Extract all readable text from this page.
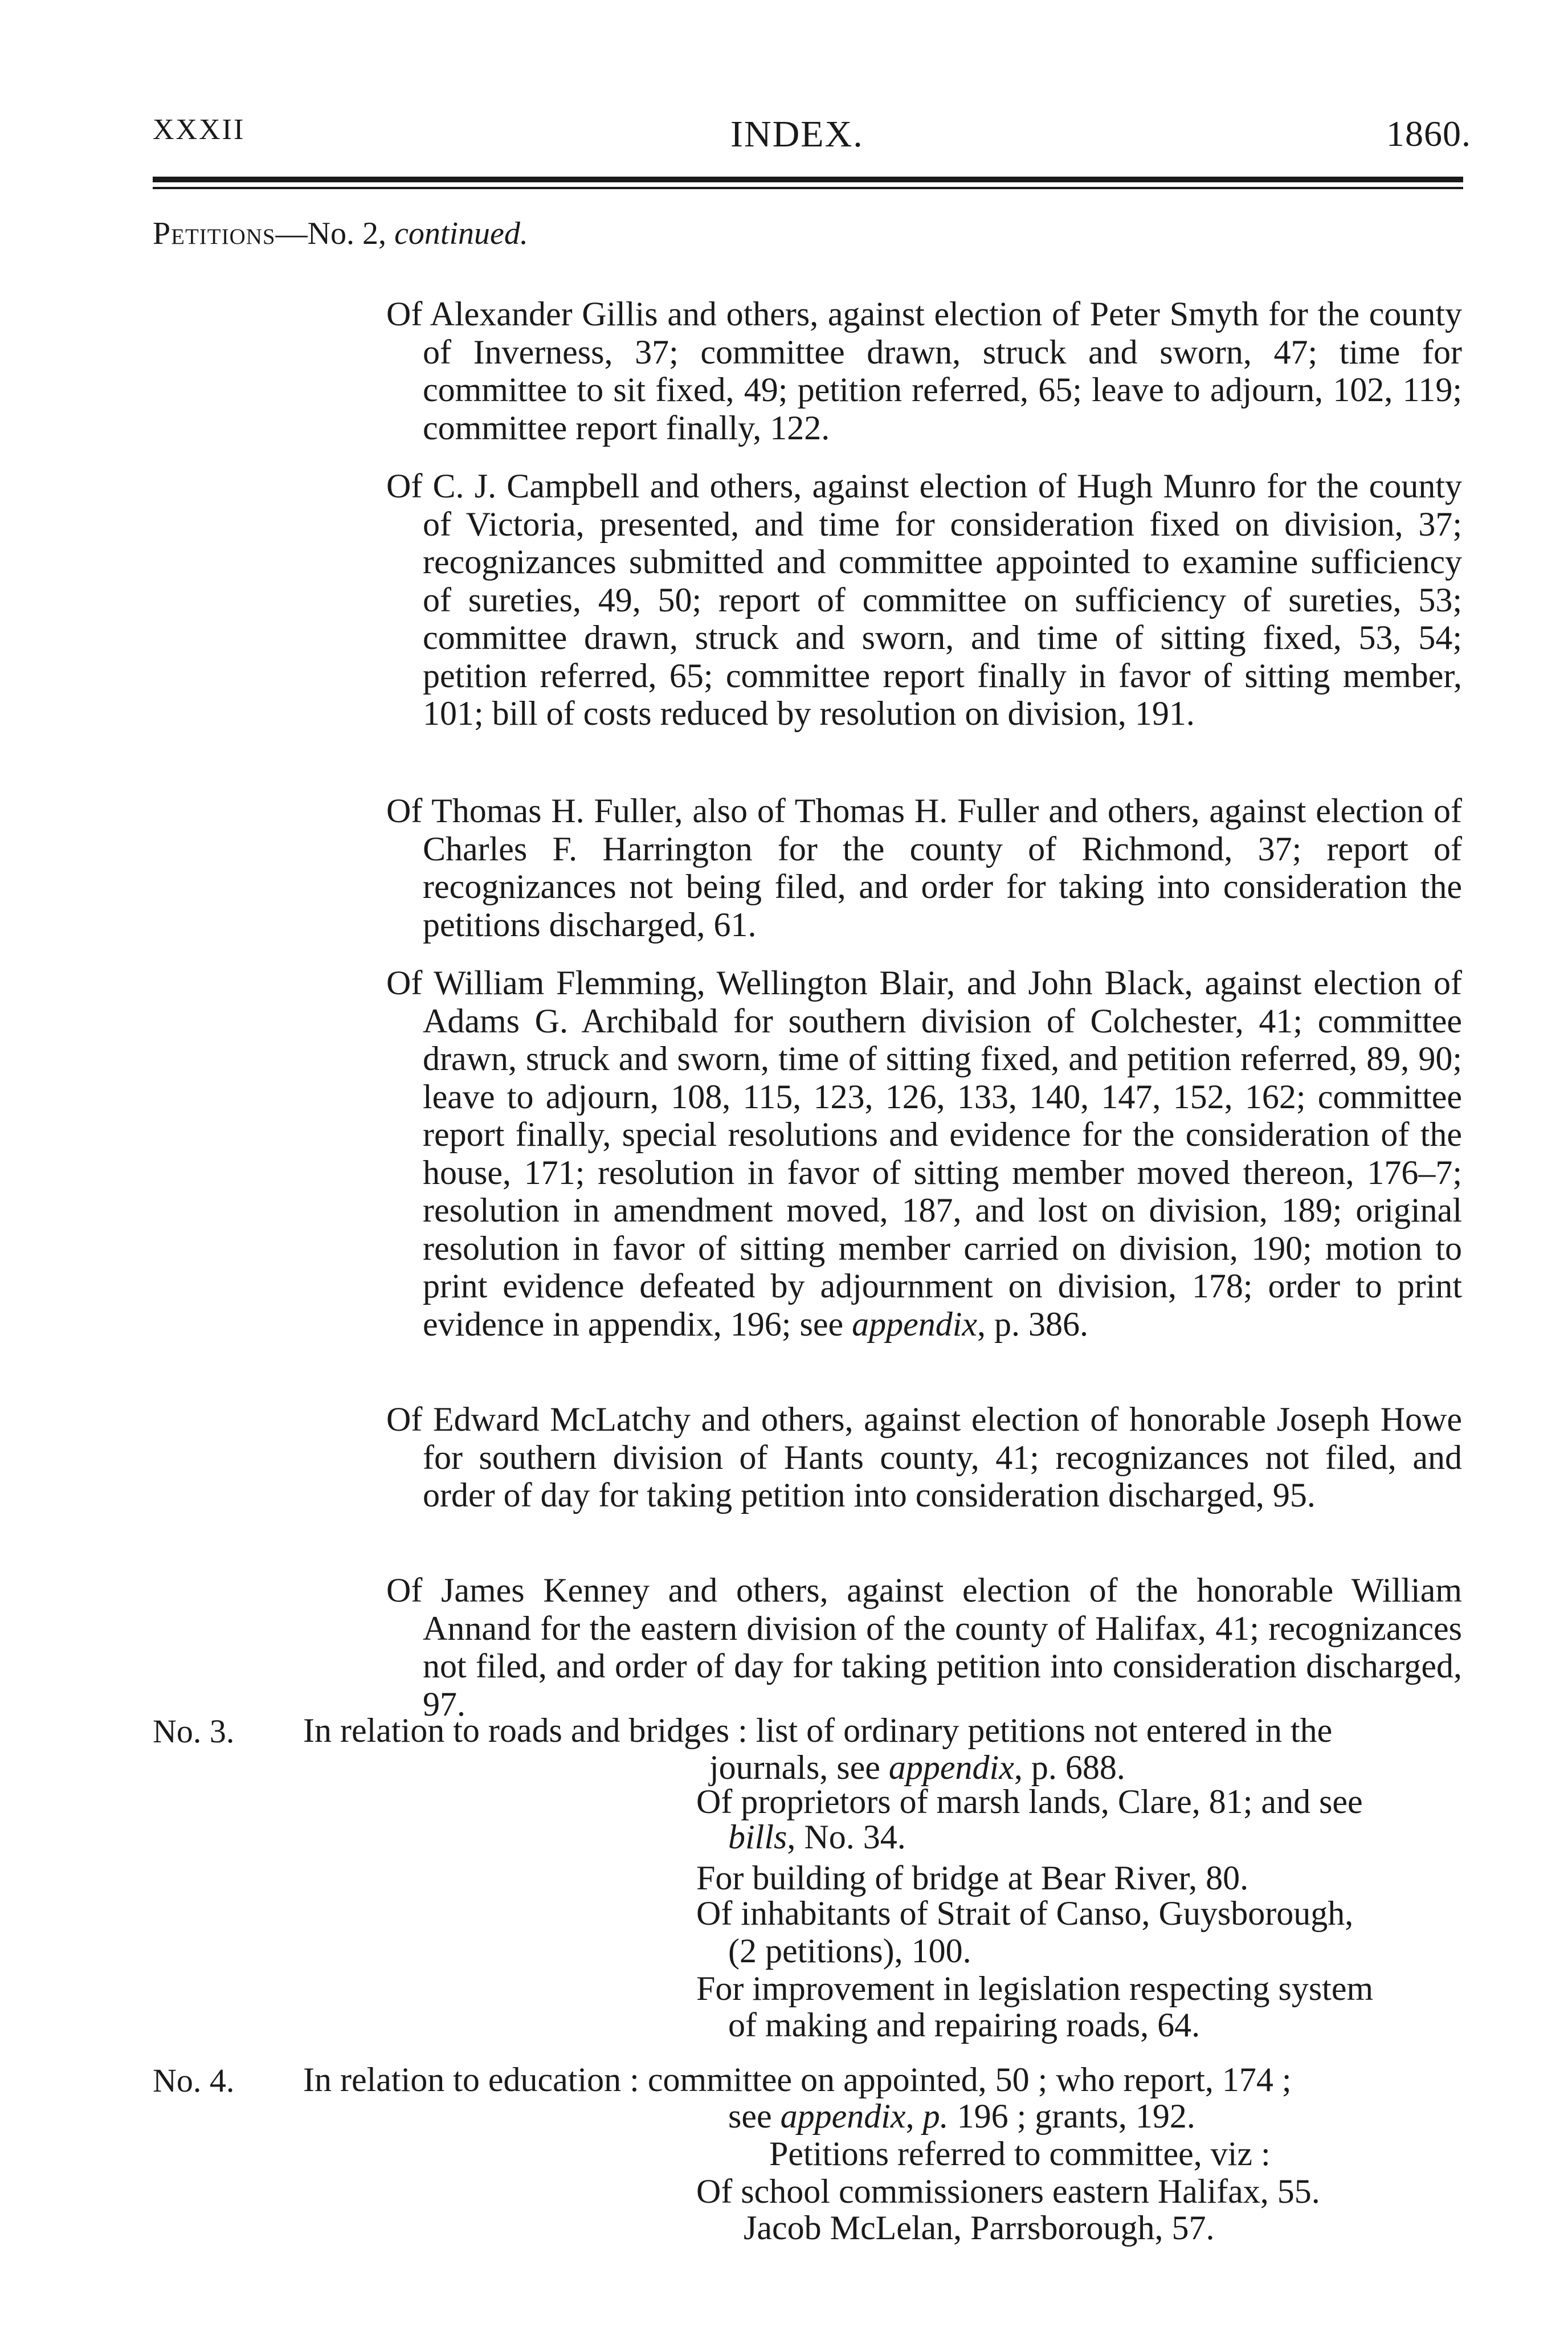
XXXII	INDEX.	1860.
Petitions—No. 2, continued.

Of Alexander Gillis and others, against election of Peter Smyth for the county of Inverness, 37; committee drawn, struck and sworn, 47; time for committee to sit fixed, 49; petition referred, 65; leave to adjourn, 102, 119; committee report finally, 122.

Of C. J. Campbell and others, against election of Hugh Munro for the county of Victoria, presented, and time for consideration fixed on division, 37; recognizances submitted and committee appointed to examine sufficiency of sureties, 49, 50; report of committee on sufficiency of sureties, 53; committee drawn, struck and sworn, and time of sitting fixed, 53, 54; petition referred, 65; committee report finally in favor of sitting member, 101; bill of costs reduced by resolution on division, 191.

Of Thomas H. Fuller, also of Thomas H. Fuller and others, against election of Charles F. Harrington for the county of Richmond, 37; report of recognizances not being filed, and order for taking into consideration the petitions discharged, 61.

Of William Flemming, Wellington Blair, and John Black, against election of Adams G. Archibald for southern division of Colchester, 41; committee drawn, struck and sworn, time of sitting fixed, and petition referred, 89, 90; leave to adjourn, 108, 115, 123, 126, 133, 140, 147, 152, 162; committee report finally, special resolutions and evidence for the consideration of the house, 171; resolution in favor of sitting member moved thereon, 176–7; resolution in amendment moved, 187, and lost on division, 189; original resolution in favor of sitting member carried on division, 190; motion to print evidence defeated by adjournment on division, 178; order to print evidence in appendix, 196; see appendix, p. 386.

Of Edward McLatchy and others, against election of honorable Joseph Howe for southern division of Hants county, 41; recognizances not filed, and order of day for taking petition into consideration discharged, 95.

Of James Kenney and others, against election of the honorable William Annand for the eastern division of the county of Halifax, 41; recognizances not filed, and order of day for taking petition into consideration discharged, 97.

No. 3. In relation to roads and bridges : list of ordinary petitions not entered in the
journals, see appendix, p. 688.
Of proprietors of marsh lands, Clare, 81; and see
bills, No. 34.
For building of bridge at Bear River, 80.
Of inhabitants of Strait of Canso, Guysborough,
(2 petitions), 100.
For improvement in legislation respecting system
of making and repairing roads, 64.
No. 4. In relation to education : committee on appointed, 50 ; who report, 174 ;
see appendix, p. 196 ; grants, 192.
Petitions referred to committee, viz :
Of school commissioners eastern Halifax, 55.
Jacob McLelan, Parrsborough, 57.
